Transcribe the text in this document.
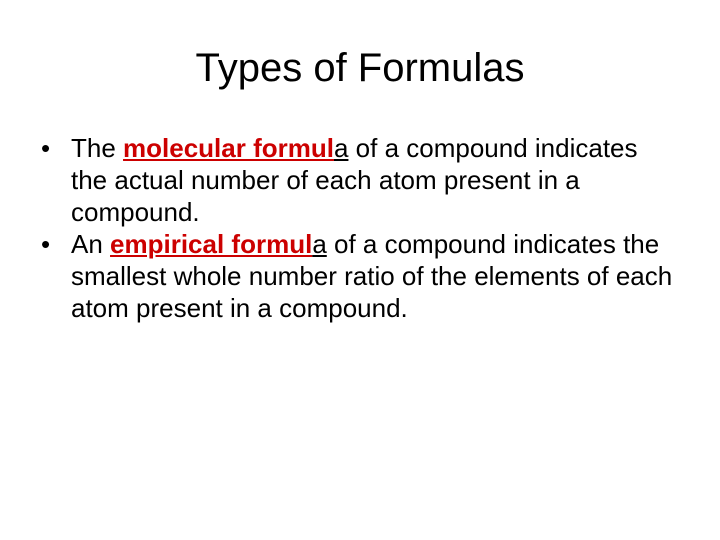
Types of Formulas
• The molecular formula of a compound indicates the actual number of each atom present in a compound.
• An empirical formula of a compound indicates the smallest whole number ratio of the elements of each atom present in a compound.
